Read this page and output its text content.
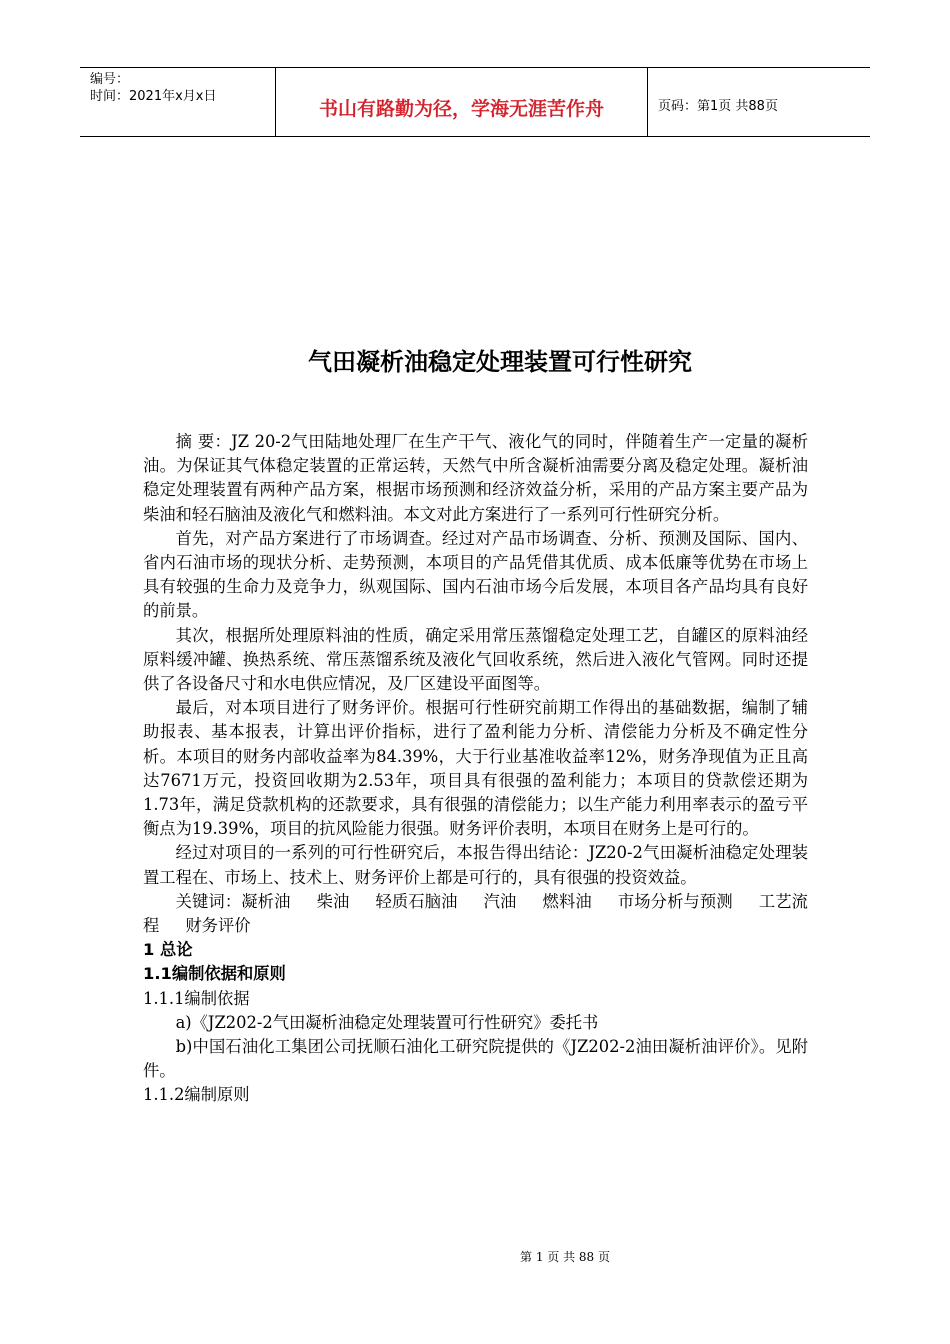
编号：
时间：2021年x月x日
书山有路勤为径，学海无涯苦作舟	页码：第1页 共88页
气田凝析油稳定处理装置可行性研究

摘 要：JZ 20-2气田陆地处理厂在生产干气、液化气的同时，伴随着生产一定量的凝析油。为保证其气体稳定装置的正常运转，天然气中所含凝析油需要分离及稳定处理。凝析油稳定处理装置有两种产品方案，根据市场预测和经济效益分析，采用的产品方案主要产品为柴油和轻石脑油及液化气和燃料油。本文对此方案进行了一系列可行性研究分析。

首先，对产品方案进行了市场调查。经过对产品市场调查、分析、预测及国际、国内、省内石油市场的现状分析、走势预测，本项目的产品凭借其优质、成本低廉等优势在市场上具有较强的生命力及竞争力，纵观国际、国内石油市场今后发展，本项目各产品均具有良好的前景。

其次，根据所处理原料油的性质，确定采用常压蒸馏稳定处理工艺，自罐区的原料油经原料缓冲罐、换热系统、常压蒸馏系统及液化气回收系统，然后进入液化气管网。同时还提供了各设备尺寸和水电供应情况，及厂区建设平面图等。

最后，对本项目进行了财务评价。根据可行性研究前期工作得出的基础数据，编制了辅助报表、基本报表，计算出评价指标，进行了盈利能力分析、清偿能力分析及不确定性分析。本项目的财务内部收益率为84.39%，大于行业基准收益率12%，财务净现值为正且高达7671万元，投资回收期为2.53年，项目具有很强的盈利能力；本项目的贷款偿还期为1.73年，满足贷款机构的还款要求，具有很强的清偿能力；以生产能力利用率表示的盈亏平衡点为19.39%，项目的抗风险能力很强。财务评价表明，本项目在财务上是可行的。

经过对项目的一系列的可行性研究后，本报告得出结论：JZ20-2气田凝析油稳定处理装置工程在、市场上、技术上、财务评价上都是可行的，具有很强的投资效益。

关键词：凝析油 柴油 轻质石脑油 汽油 燃料油 市场分析与预测 工艺流程 财务评价

1 总论

1.1编制依据和原则

1.1.1编制依据

a)《JZ202-2气田凝析油稳定处理装置可行性研究》委托书

b)中国石油化工集团公司抚顺石油化工研究院提供的《JZ202-2油田凝析油评价》。见附件。

1.1.2编制原则

第 1 页 共 88 页
